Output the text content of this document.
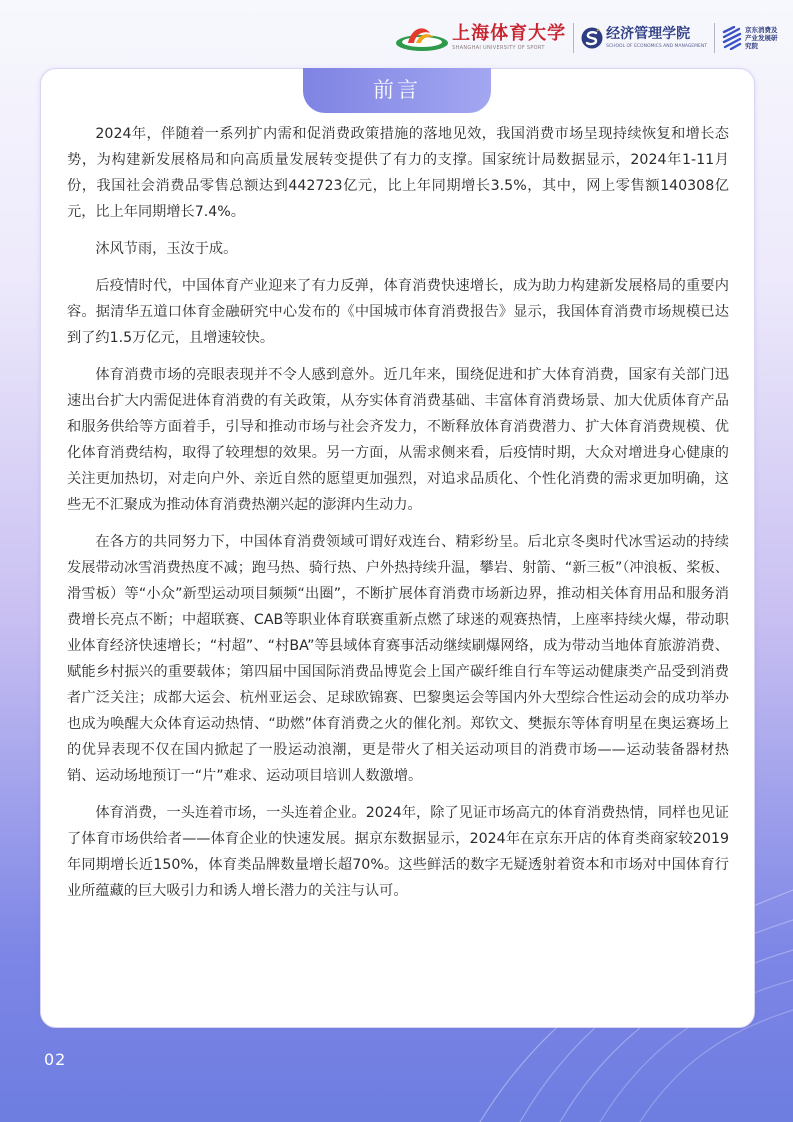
上海体育大学
SHANGHAI UNIVERSITY OF SPORT
经济管理学院
SCHOOL OF ECONOMICS AND MANAGEMENT
京东消费及产业发展研究院
前言

2024年，伴随着一系列扩内需和促消费政策措施的落地见效，我国消费市场呈现持续恢复和增长态势，为构建新发展格局和向高质量发展转变提供了有力的支撑。国家统计局数据显示，2024年1-11月份，我国社会消费品零售总额达到442723亿元，比上年同期增长3.5%，其中，网上零售额140308亿元，比上年同期增长7.4%。

沐风节雨，玉汝于成。

后疫情时代，中国体育产业迎来了有力反弹，体育消费快速增长，成为助力构建新发展格局的重要内容。据清华五道口体育金融研究中心发布的《中国城市体育消费报告》显示，我国体育消费市场规模已达到了约1.5万亿元，且增速较快。

体育消费市场的亮眼表现并不令人感到意外。近几年来，围绕促进和扩大体育消费，国家有关部门迅速出台扩大内需促进体育消费的有关政策，从夯实体育消费基础、丰富体育消费场景、加大优质体育产品和服务供给等方面着手，引导和推动市场与社会齐发力，不断释放体育消费潜力、扩大体育消费规模、优化体育消费结构，取得了较理想的效果。另一方面，从需求侧来看，后疫情时期，大众对增进身心健康的关注更加热切，对走向户外、亲近自然的愿望更加强烈，对追求品质化、个性化消费的需求更加明确，这些无不汇聚成为推动体育消费热潮兴起的澎湃内生动力。

在各方的共同努力下，中国体育消费领域可谓好戏连台、精彩纷呈。后北京冬奥时代冰雪运动的持续发展带动冰雪消费热度不减；跑马热、骑行热、户外热持续升温，攀岩、射箭、“新三板”（冲浪板、桨板、滑雪板）等“小众”新型运动项目频频“出圈”，不断扩展体育消费市场新边界，推动相关体育用品和服务消费增长亮点不断；中超联赛、CAB等职业体育联赛重新点燃了球迷的观赛热情，上座率持续火爆，带动职业体育经济快速增长；“村超”、“村BA”等县域体育赛事活动继续刷爆网络，成为带动当地体育旅游消费、赋能乡村振兴的重要载体；第四届中国国际消费品博览会上国产碳纤维自行车等运动健康类产品受到消费者广泛关注；成都大运会、杭州亚运会、足球欧锦赛、巴黎奥运会等国内外大型综合性运动会的成功举办也成为唤醒大众体育运动热情、“助燃”体育消费之火的催化剂。郑钦文、樊振东等体育明星在奥运赛场上的优异表现不仅在国内掀起了一股运动浪潮，更是带火了相关运动项目的消费市场——运动装备器材热销、运动场地预订一“片”难求、运动项目培训人数激增。

体育消费，一头连着市场，一头连着企业。2024年，除了见证市场高亢的体育消费热情，同样也见证了体育市场供给者——体育企业的快速发展。据京东数据显示，2024年在京东开店的体育类商家较2019年同期增长近150%，体育类品牌数量增长超70%。这些鲜活的数字无疑透射着资本和市场对中国体育行业所蕴藏的巨大吸引力和诱人增长潜力的关注与认可。

02
